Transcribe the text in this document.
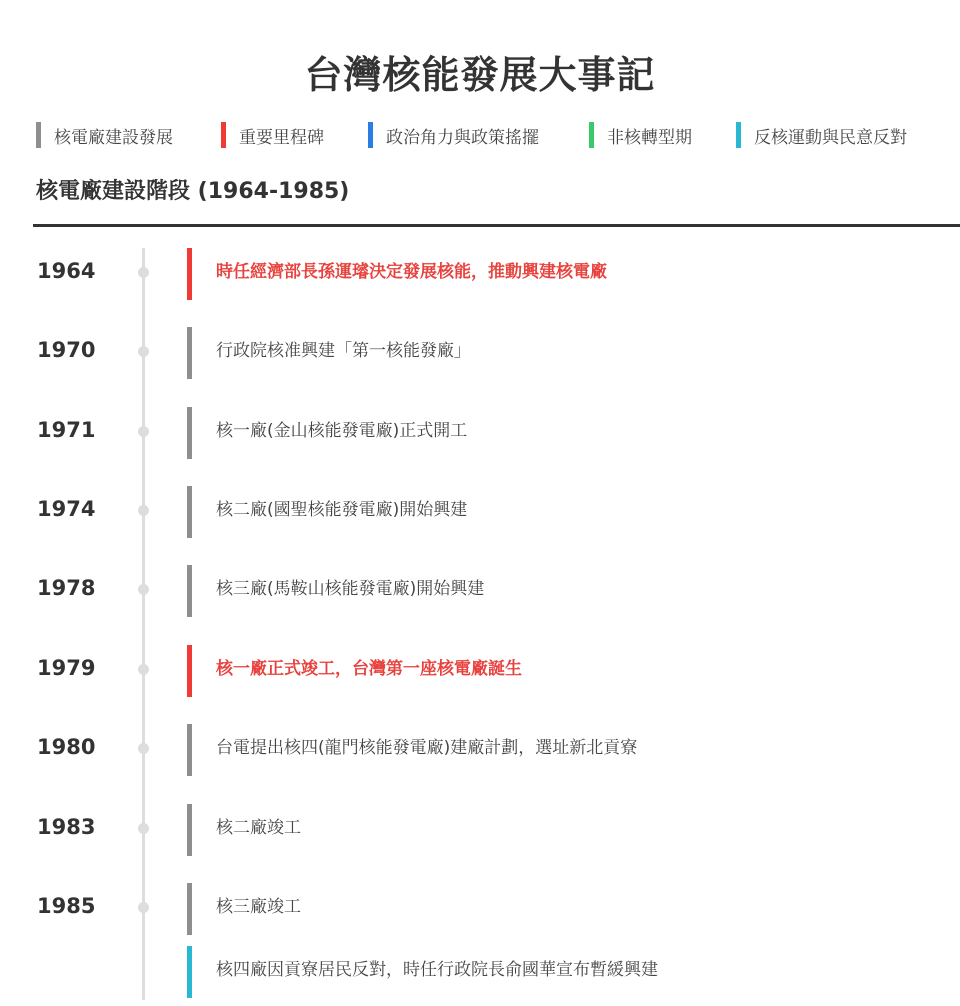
台灣核能發展大事記
核電廠建設發展	重要里程碑	政治角力與政策搖擺	非核轉型期	反核運動與民意反對
核電廠建設階段 (1964-1985)
1964	時任經濟部長孫運璿決定發展核能，推動興建核電廠
1970	行政院核准興建「第一核能發廠」
1971	核一廠(金山核能發電廠)正式開工
1974	核二廠(國聖核能發電廠)開始興建
1978	核三廠(馬鞍山核能發電廠)開始興建
1979	核一廠正式竣工，台灣第一座核電廠誕生
1980	台電提出核四(龍門核能發電廠)建廠計劃，選址新北貢寮
1983	核二廠竣工
1985	核三廠竣工
核四廠因貢寮居民反對，時任行政院長俞國華宣布暫緩興建
